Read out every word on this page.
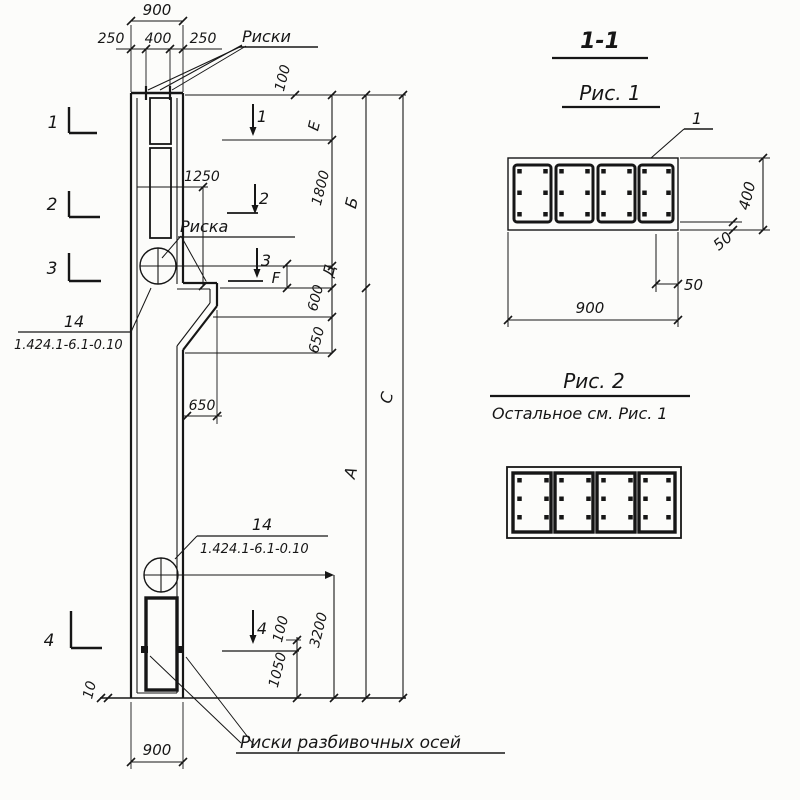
900
250 400 250 Риски
1
2
3
4
1
2
3
4
1250
Риска
14
1.424.1-6.1-0.10
650
14
1.424.1-6.1-0.10
100
Е
1800
Д
600
650
F
Б
А
С
3200
100
1050
10
900	Риски разбивочных осей
1-1
Рис. 1
1
400
50
50
900
Рис. 2
Остальное см. Рис. 1
